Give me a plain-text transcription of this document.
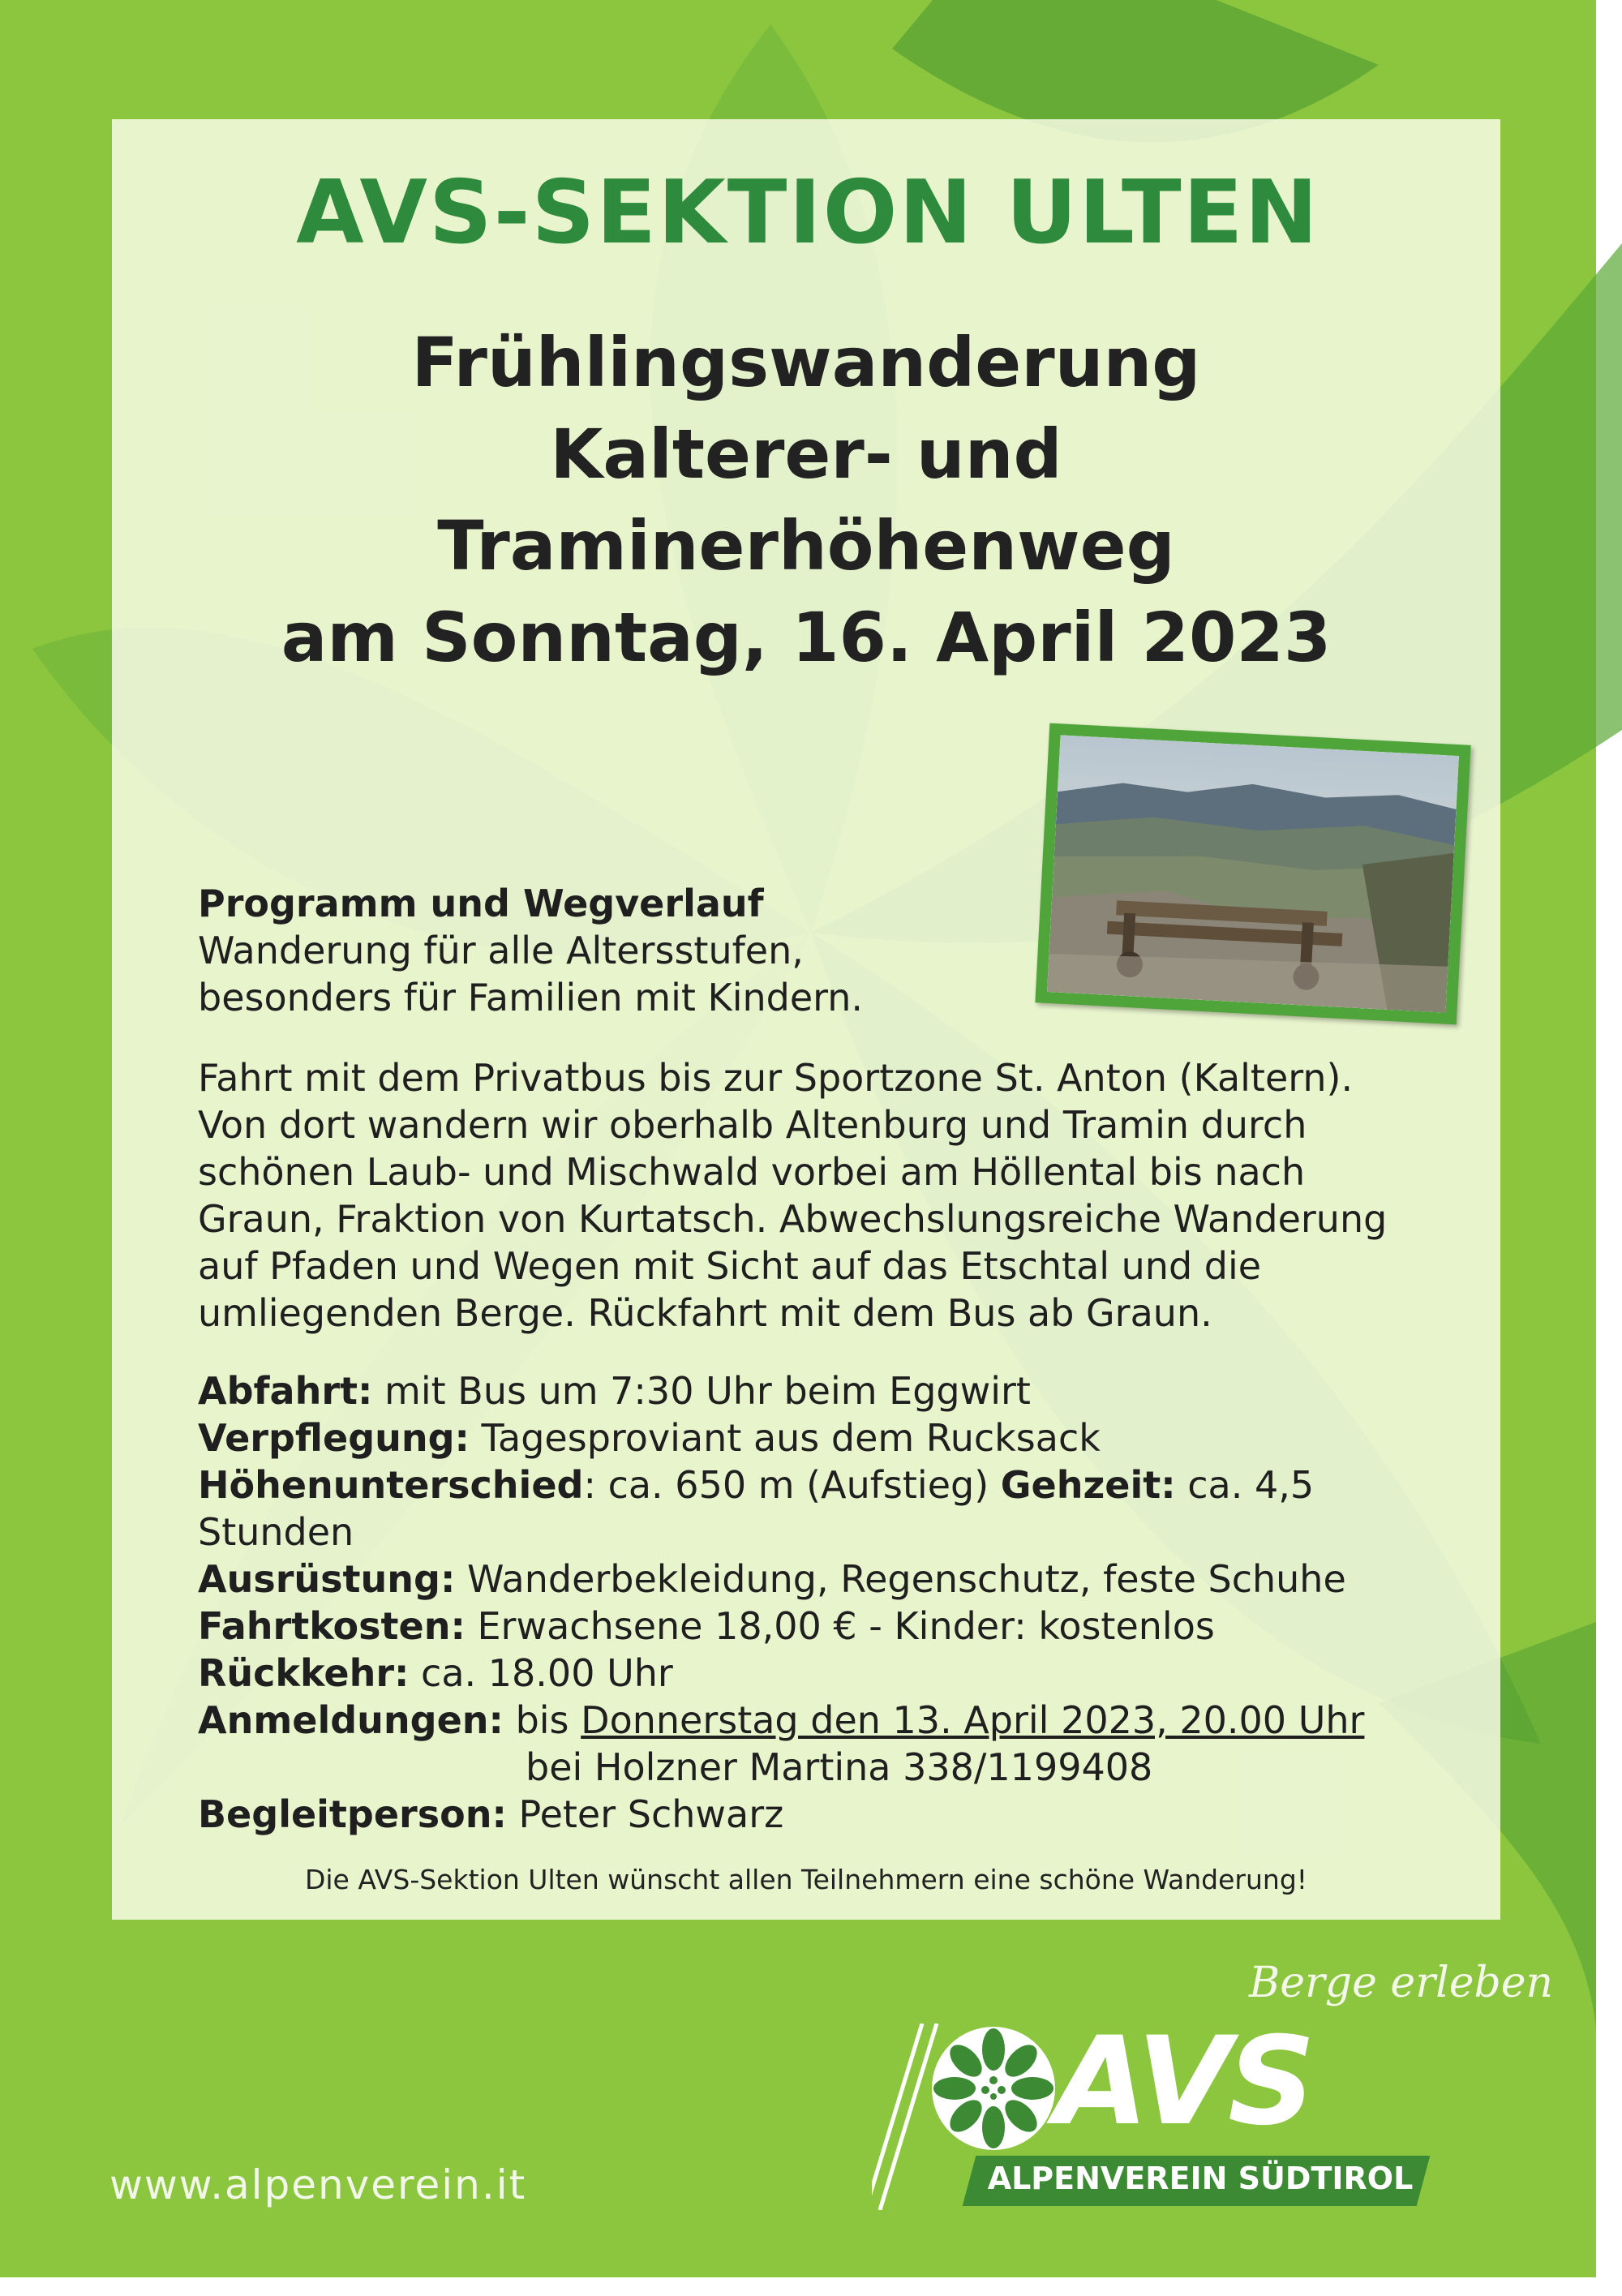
AVS-SEKTION ULTEN
Frühlingswanderung
Kalterer- und
Traminerhöhenweg
am Sonntag, 16. April 2023
Programm und Wegverlauf
Wanderung für alle Altersstufen,
besonders für Familien mit Kindern.
Fahrt mit dem Privatbus bis zur Sportzone St. Anton (Kaltern).
Von dort wandern wir oberhalb Altenburg und Tramin durch
schönen Laub- und Mischwald vorbei am Höllental bis nach
Graun, Fraktion von Kurtatsch. Abwechslungsreiche Wanderung
auf Pfaden und Wegen mit Sicht auf das Etschtal und die
umliegenden Berge. Rückfahrt mit dem Bus ab Graun.
Abfahrt: mit Bus um 7:30 Uhr beim Eggwirt
Verpflegung: Tagesproviant aus dem Rucksack
Höhenunterschied: ca. 650 m (Aufstieg) Gehzeit: ca. 4,5
Stunden
Ausrüstung: Wanderbekleidung, Regenschutz, feste Schuhe
Fahrtkosten: Erwachsene 18,00 € - Kinder: kostenlos
Rückkehr: ca. 18.00 Uhr
Anmeldungen: bis Donnerstag den 13. April 2023, 20.00 Uhr
bei Holzner Martina 338/1199408
Begleitperson: Peter Schwarz
Die AVS-Sektion Ulten wünscht allen Teilnehmern eine schöne Wanderung!
www.alpenverein.it
Berge erleben
AVS
ALPENVEREIN SÜDTIROL
